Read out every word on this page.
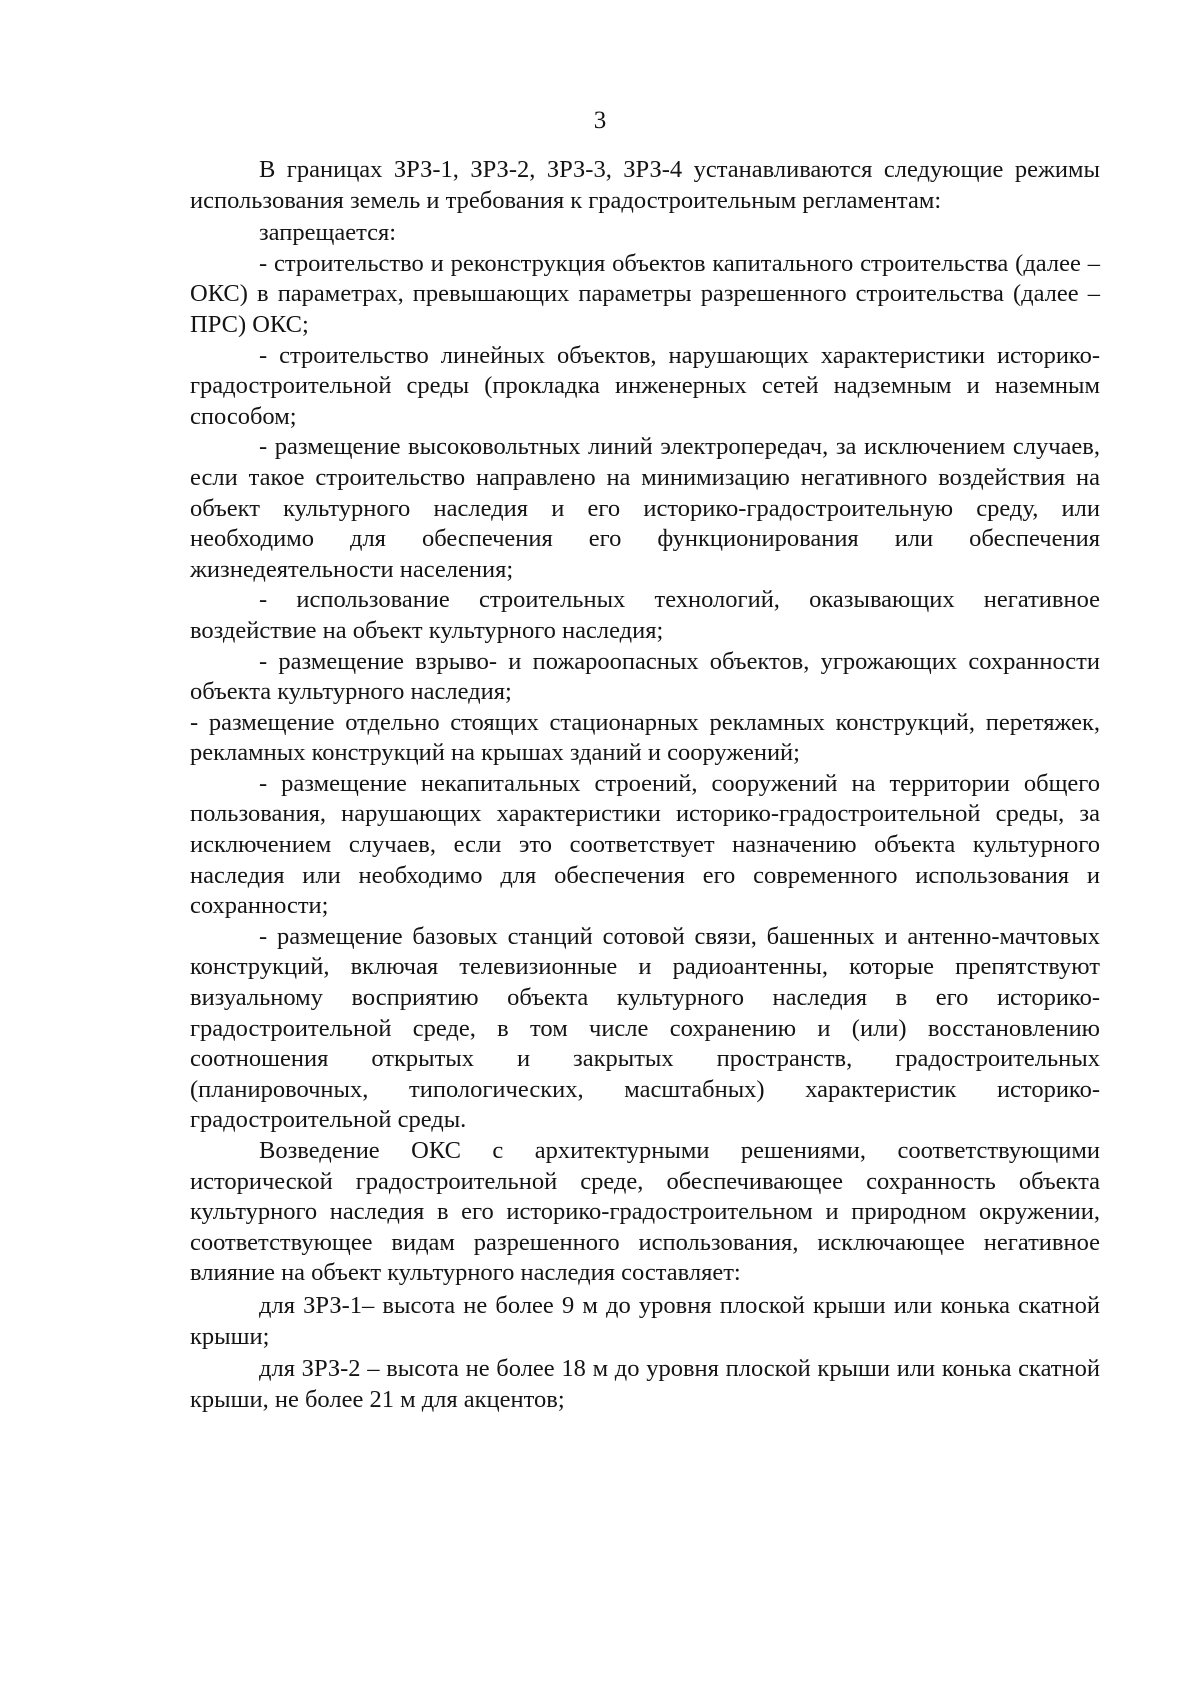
3

В границах ЗРЗ-1, ЗРЗ-2, ЗРЗ-3, ЗРЗ-4 устанавливаются следующие режимы использования земель и требования к градостроительным регламентам:

запрещается:

- строительство и реконструкция объектов капитального строительства (далее – ОКС) в параметрах, превышающих параметры разрешенного строительства (далее – ПРС) ОКС;

- строительство линейных объектов, нарушающих характеристики историко-градостроительной среды (прокладка инженерных сетей надземным и наземным способом;

- размещение высоковольтных линий электропередач, за исключением случаев, если такое строительство направлено на минимизацию негативного воздействия на объект культурного наследия и его историко-градостроительную среду, или необходимо для обеспечения его функционирования или обеспечения жизнедеятельности населения;

- использование строительных технологий, оказывающих негативное воздействие на объект культурного наследия;

- размещение взрыво- и пожароопасных объектов, угрожающих сохранности объекта культурного наследия;

- размещение отдельно стоящих стационарных рекламных конструкций, перетяжек, рекламных конструкций на крышах зданий и сооружений;

- размещение некапитальных строений, сооружений на территории общего пользования, нарушающих характеристики историко-градостроительной среды, за исключением случаев, если это соответствует назначению объекта культурного наследия или необходимо для обеспечения его современного использования и сохранности;

- размещение базовых станций сотовой связи, башенных и антенно-мачтовых конструкций, включая телевизионные и радиоантенны, которые препятствуют визуальному восприятию объекта культурного наследия в его историко-градостроительной среде, в том числе сохранению и (или) восстановлению соотношения открытых и закрытых пространств, градостроительных (планировочных, типологических, масштабных) характеристик историко-градостроительной среды.

Возведение ОКС с архитектурными решениями, соответствующими исторической градостроительной среде, обеспечивающее сохранность объекта культурного наследия в его историко-градостроительном и природном окружении, соответствующее видам разрешенного использования, исключающее негативное влияние на объект культурного наследия составляет:

для ЗРЗ-1– высота не более 9 м до уровня плоской крыши или конька скатной крыши;

для ЗРЗ-2 – высота не более 18 м до уровня плоской крыши или конька скатной крыши, не более 21 м для акцентов;
